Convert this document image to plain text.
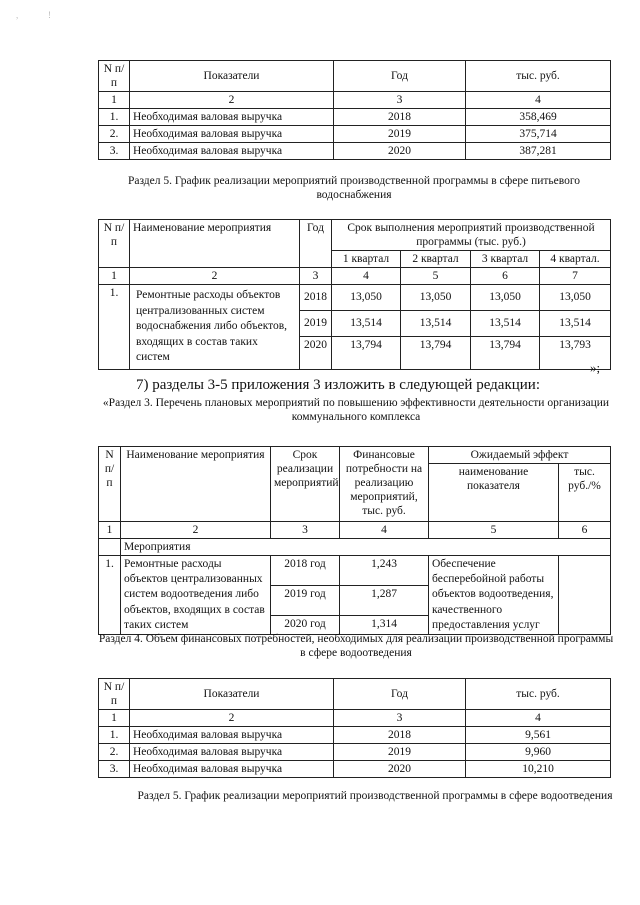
,	!
N п/п	Показатели	Год	тыс. руб.
1	2	3	4
1.	Необходимая валовая выручка	2018	358,469
2.	Необходимая валовая выручка	2019	375,714
3.	Необходимая валовая выручка	2020	387,281
Раздел 5. График реализации мероприятий производственной программы в сфере питьевого водоснабжения
N п/п	Наименование мероприятия	Год	Срок выполнения мероприятий производственной программы (тыс. руб.)			
			1 квартал	2 квартал	3 квартал	4 квартал.
1	2	3	4	5	6	7
1.	Ремонтные расходы объектов централизованных систем водоснабжения либо объектов, входящих в состав таких систем	2018	13,050	13,050	13,050	13,050
		2019	13,514	13,514	13,514	13,514
		2020	13,794	13,794	13,794	13,793
»;
7) разделы 3-5 приложения 3 изложить в следующей редакции:
«Раздел 3. Перечень плановых мероприятий по повышению эффективности деятельности организации коммунального комплекса
N п/ п	Наименование мероприятия	Срок реализации мероприятий	Финансовые потребности на реализацию мероприятий, тыс. руб.	Ожидаемый эффект	
				наименование показателя	тыс. руб./%
1	2	3	4	5	6
	Мероприятия				
1.	Ремонтные расходы объектов централизованных систем водоотведения либо объектов, входящих в состав таких систем	2018 год	1,243	Обеспечение бесперебойной работы объектов водоотведения, качественного предоставления услуг	
		2019 год	1,287		
		2020 год	1,314		
Раздел 4. Объем финансовых потребностей, необходимых для реализации производственной программы в сфере водоотведения
N п/п	Показатели	Год	тыс. руб.
1	2	3	4
1.	Необходимая валовая выручка	2018	9,561
2.	Необходимая валовая выручка	2019	9,960
3.	Необходимая валовая выручка	2020	10,210
Раздел 5. График реализации мероприятий производственной программы в сфере водоотведения
